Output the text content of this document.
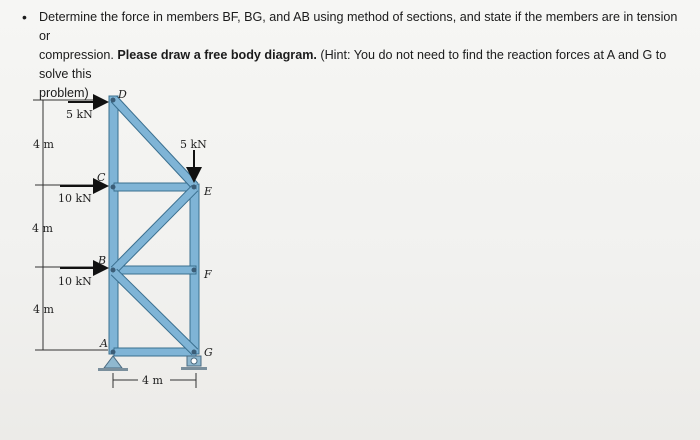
• Determine the force in members BF, BG, and AB using method of sections, and state if the members are in tension or
compression. Please draw a free body diagram. (Hint: You do not need to find the reaction forces at A and G to solve this
problem)
5 kN
5 kN
10 kN
10 kN
4 m
4 m
4 m
4 m
D
C
E
B
F
A
G
